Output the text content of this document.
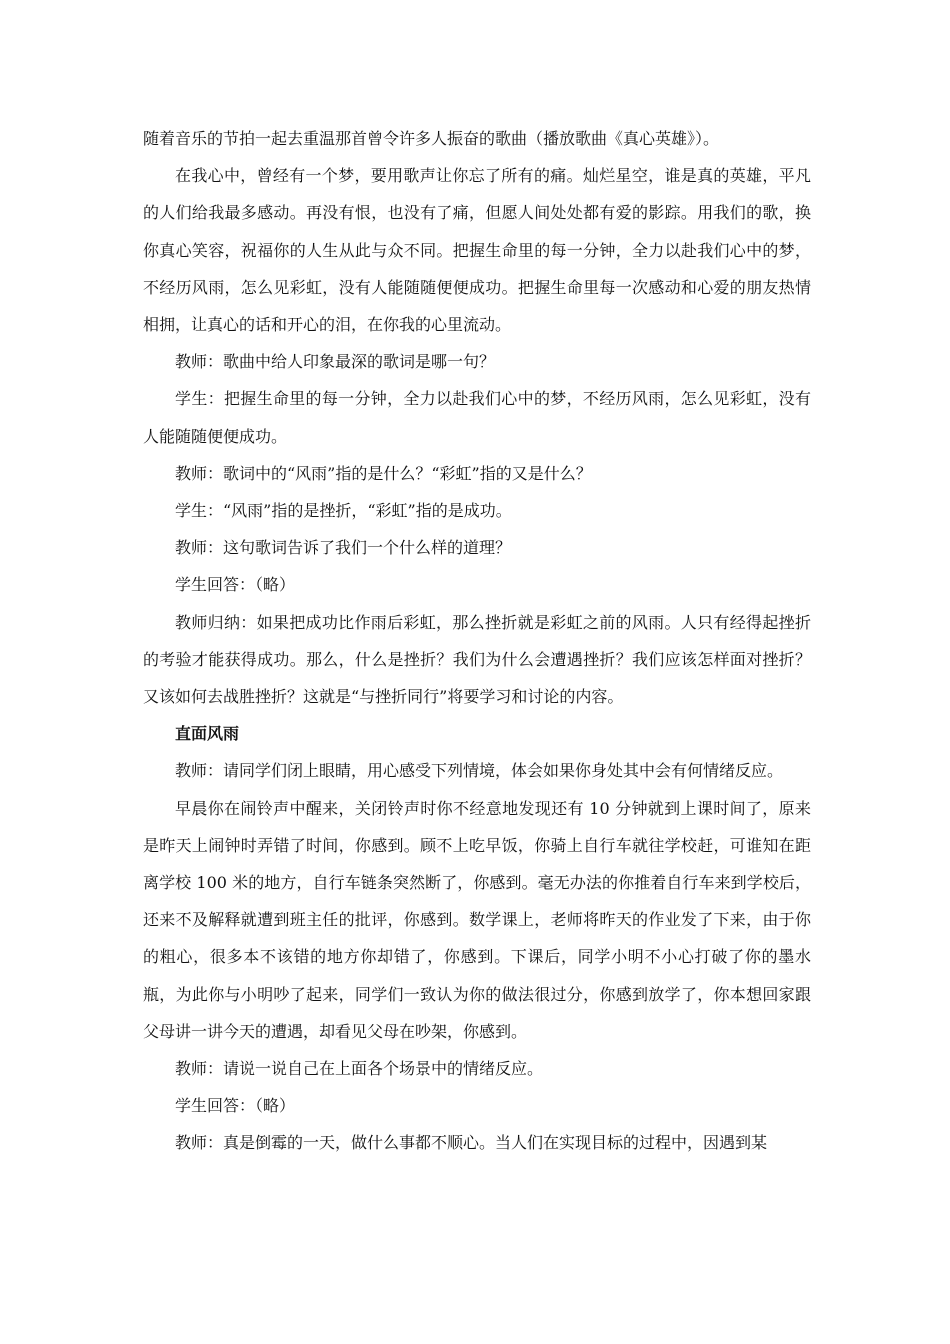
随着音乐的节拍一起去重温那首曾令许多人振奋的歌曲（播放歌曲《真心英雄》）。

在我心中，曾经有一个梦，要用歌声让你忘了所有的痛。灿烂星空，谁是真的英雄，平凡的人们给我最多感动。再没有恨，也没有了痛，但愿人间处处都有爱的影踪。用我们的歌，换你真心笑容，祝福你的人生从此与众不同。把握生命里的每一分钟，全力以赴我们心中的梦，不经历风雨，怎么见彩虹，没有人能随随便便成功。把握生命里每一次感动和心爱的朋友热情相拥，让真心的话和开心的泪，在你我的心里流动。

教师：歌曲中给人印象最深的歌词是哪一句？

学生：把握生命里的每一分钟，全力以赴我们心中的梦，不经历风雨，怎么见彩虹，没有人能随随便便成功。

教师：歌词中的“风雨”指的是什么？“彩虹”指的又是什么？

学生：“风雨”指的是挫折，“彩虹”指的是成功。

教师：这句歌词告诉了我们一个什么样的道理？

学生回答：（略）

教师归纳：如果把成功比作雨后彩虹，那么挫折就是彩虹之前的风雨。人只有经得起挫折的考验才能获得成功。那么，什么是挫折？我们为什么会遭遇挫折？我们应该怎样面对挫折？又该如何去战胜挫折？这就是“与挫折同行”将要学习和讨论的内容。

直面风雨

教师：请同学们闭上眼睛，用心感受下列情境，体会如果你身处其中会有何情绪反应。

早晨你在闹铃声中醒来，关闭铃声时你不经意地发现还有 10 分钟就到上课时间了，原来是昨天上闹钟时弄错了时间，你感到。顾不上吃早饭，你骑上自行车就往学校赶，可谁知在距离学校 100 米的地方，自行车链条突然断了，你感到。毫无办法的你推着自行车来到学校后，还来不及解释就遭到班主任的批评，你感到。数学课上，老师将昨天的作业发了下来，由于你的粗心，很多本不该错的地方你却错了，你感到。下课后，同学小明不小心打破了你的墨水瓶，为此你与小明吵了起来，同学们一致认为你的做法很过分，你感到放学了，你本想回家跟父母讲一讲今天的遭遇，却看见父母在吵架，你感到。

教师：请说一说自己在上面各个场景中的情绪反应。

学生回答：（略）

教师：真是倒霉的一天，做什么事都不顺心。当人们在实现目标的过程中，因遇到某
